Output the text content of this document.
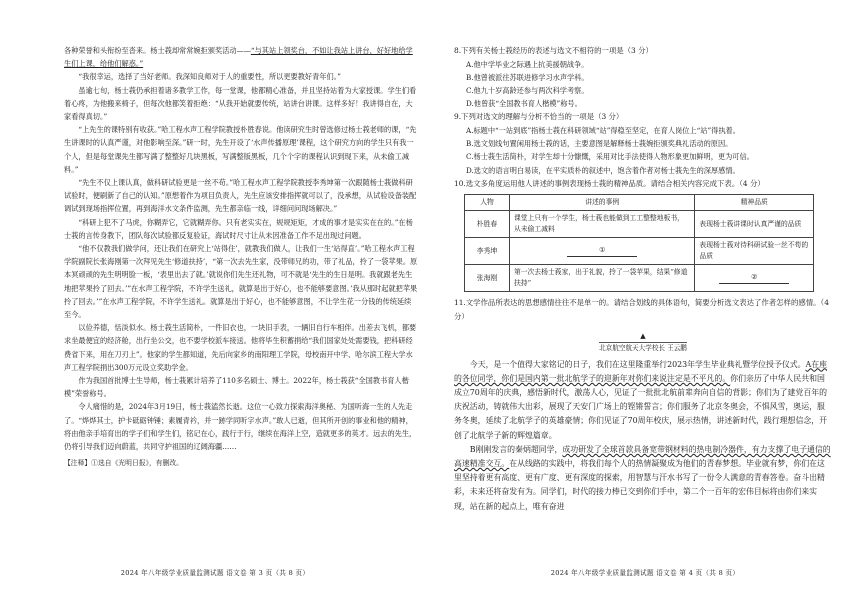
各种荣誉和头衔纷至沓来。杨士莪却常常婉拒颁奖活动——“与其站上领奖台，不如让我站上讲台，好好地给学生们上课，给他们解惑。”

“我很幸运，选择了当好老师。我深知良师对于人的重要性，所以更要教好青年们。”

虽逾七旬，杨士莪仍承担着诸多教学工作，每一堂课，他都精心准备，并且坚持站着为大家授课。学生们看着心疼，为他搬来椅子，但每次他都笑着拒绝：“从我开始就要传统，站讲台讲课。这样多好！我讲得自在，大家看得真切。”

“上先生的课特别有收获。”哈工程水声工程学院教授朴胜春说。他读研究生时曾选修过杨士莪老师的课，“先生讲课时的认真严谨，对他影响至深。”研一时，先生开设了‘水声传播原理’课程，这个研究方向的学生只有我一个人，但是每堂课先生都写满了整整好几块黑板，写满整版黑板，几个个字的课程认识到现下来，从未偷工减料。”

“先生不仅上课认真，做科研试验更是一丝不苟。”哈工程水声工程学院教授李秀坤第一次跟随杨士莪做科研试验时，便刷新了自己的认知。”原想着作为项目负责人，先生应该安排指挥就可以了，没承想，从试验设备装配调试到现场指挥位置，再到海洋水文条件监测，先生都亲临一线，详细问问现场解决。”

“科研上犯不了马虎，你糊弄它，它就糊弄你。只有老实实在，规规矩矩，才成的事才是实实在在的。”在杨士莪的言传身教下，团队每次试验都反复验证，海试时尺寸让从未因准备工作不足出现过问题。

“他不仅教我们做学问，还让我们在研究上‘站得住’，就教我们做人，让我们一生‘站得直’。”哈工程水声工程学院副院长张海刚第一次拜见先生‘修道扶持’，“第一次去先生家，没带师兄的功，带了礼品，拎了一袋苹果。原本冥顽顽的先生明明脸一板，‘表里出去了就。’就说你们先生还礼物，可不就是‘先生的生日是明。我就跟老先生地把苹果拎了回去。’”在水声工程学院，不许学生送礼，就算是出于好心，也不能够要意图。’我从那时起就把苹果拎了回去。’”在水声工程学院，不许学生送礼。就算是出于好心，也不能够意图，不让学生花一分钱的传统延续至今。

以俭养德，恬淡似水。杨士莪生活简朴，一件旧衣也，一块旧手表，一辆旧自行车相伴。出差去飞机，都要求坐最便宜的经济舱，出行坐公交，也不要学校派车接送。他将毕生积蓄捐给“我们国家处处需要钱，把科研经费省下来，用在刀刃上”。他家的学生都知道，先后向家乡的南阳理工学院，母校南开中学、哈尔滨工程大学水声工程学院捐出300万元设立奖助学金。

作为我国首批博士生导师，杨士莪累计培养了110多名硕士、博士。2022年，杨士莪获“全国教书育人楷模”荣誉称号。

令人痛惜的是，2024年3月19日，杨士莪溘然长逝。这位一心致力探索海洋奥秘、为国听海一生的人先走了。“烨烨其士，护卡砥砺钟锤；素履青衿，并一跡学同听字水声。”敢人已逝，但其所开创的事业和他的精神，将由他亲手培育出的学子们和学生们，铭记在心，践行于行，继续在海洋上空，造就更多的英才。远去的先生，仍将引导我们迈向蔚蓝，共同守护祖国的辽阔海疆……

【注释】①选自《光明日报》，有删改。

2024 年八年级学业质量监测试题 语文卷 第 3 页（共 8 页）

8.下列有关杨士莪经历的表述与选文不相符的一项是（3 分）

A.他中学毕业之际遇上抗美援朝战争。

B.他曾被派往苏联进修学习水声学科。

C.他九十岁高龄还参与两次科学考察。

D.他曾获“全国教书育人楷模”称号。

9.下列对选文的理解与分析不恰当的一项是（3 分）

A.标题中“一站到底”指杨士莪在科研领域“站”得稳至坚定，在育人岗位上“站”得执着。

B.选文划线句置闲用杨士莪的话，主要意图是解释杨士莪婉拒颁奖典礼活动的原因。

C.杨士莪生活简朴，对学生却十分慷慨，采用对比手法使得人物形象更加鲜明，更为可信。

D.选文的语言明白易读，在平实质朴的叙述中，饱含着作者对杨士莪先生的深厚感情。

10.选文多角度运用他人讲述的事例表现杨士莪的精神品质。请结合相关内容完成下表。（4 分）

人物	讲述的事例	精神品质
朴胜春	课堂上只有一个学生，杨士莪也能做到工工整整地板书，从未偷工减料	表现杨士莪讲课时认真严谨的品质
李秀坤	①	表现杨士莪对待科研试验一丝不苟的品质
张海刚	第一次去杨士莪家，出于礼貌，拎了一袋苹果，结果“修道扶持”	②

11.文学作品所表达的思想感情往往不是单一的。请结合划线的具体语句，简要分析选文表达了作者怎样的感情。（4 分）

▲
北京航空航天大学校长 王云鹏

今天，是一个值得大家铭记的日子，我们在这里隆重举行2023年学生毕业典礼暨学位授予仪式。A在座的各位同学，你们是国内第一批北航学子的迎新年对你们来说注定是不平凡的。你们亲历了中华人民共和国成立70周年的庆典，感悟新时代，激荡人心，见证了一批批北航前辈奔向自信的背影；你们为了建党百年的庆祝活动，铸就伟大出彩，展现了天安门广场上的铿锵誓言；你们服务了北京冬奥会，不惧风雪，奥运，服务冬奥，延续了北航学子的英雄豪情；你们见证了70周年校庆，展示热情，讲述新时代，践行理想信念，开创了北航学子新的辉煌篇章。

B刚刚发言的秦炳超同学，成功研发了全球首款具备宽带钢材料的热电制冷器件，有力支撑了电子通信的高速精准交互。在从线路的实践中，将我们每个人的热情凝聚成为他们的青春梦想。毕业就有梦，你们在这里坚持着更有高度、更有广度、更有深度的探索，用智慧与汗水书写了一份令人满意的青春答卷。奋斗出精彩，未来还将奋发有为。同学们，时代的接力棒已交到你们手中，第二个一百年的宏伟目标将由你们来实现，站在新的起点上，唯有奋进

2024 年八年级学业质量监测试题 语文卷 第 4 页（共 8 页）
